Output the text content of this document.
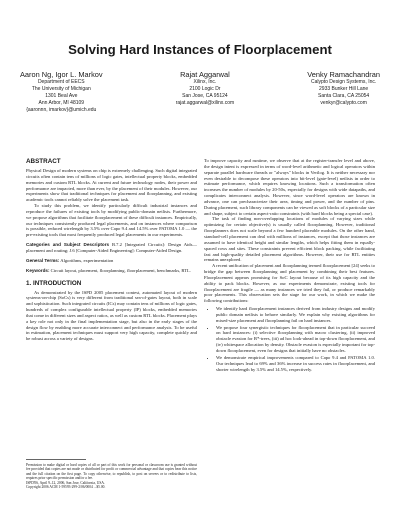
Solving Hard Instances of Floorplacement
Aaron Ng, Igor L. Markov
Department of EECS
The University of Michigan
1301 Beal Ave
Ann Arbor, MI 48109
{aaronnn, imarkov}@umich.edu
Rajat Aggarwal
Xilinx, Inc.
2100 Logic Dr
San Jose, CA 95124
rajat.aggarwal@xilinx.com
Venky Ramachandran
Calypto Design Systems, Inc.
2933 Bunker Hill Lane
Santa Clara, CA 25054
venkyr@calypto.com
ABSTRACT

Physical Design of modern systems on chip is extremely challenging. Such digital integrated circuits often contain tens of millions of logic gates, intellectual property blocks, embedded memories and custom RTL blocks. At current and future technology nodes, their power and performance are impacted, more than ever, by the placement of their modules. However, our experiments show that traditional techniques for placement and floorplanning, and existing academic tools cannot reliably solve the placement task.

To study this problem, we identify particularly difficult industrial instances and reproduce the failures of existing tools by modifying public-domain netlists. Furthermore, we propose algorithms that facilitate floorplacement of these difficult instances. Empirically, our techniques consistently produced legal placements, and on instances where comparison is possible, reduced wirelength by 3.5% over Capo 9.4 and 14.5% over PATOMA 1.0 — the pre-existing tools that most frequently produced legal placements in our experiments.

Categories and Subject Descriptors B.7.2 [Integrated Circuits]: Design Aids—placement and routing; J.6 [Computer-Aided Engineering]: Computer-Aided Design.

General Terms: Algorithms, experimentation

Keywords: Circuit layout, placement, floorplanning, floorplacement, benchmarks, RTL.

1. INTRODUCTION

As demonstrated by the ISPD 2005 placement contest, automated layout of modern systems-on-chip (SoCs) is very different from traditional sea-of-gates layout, both in scale and sophistication. Such integrated circuits (ICs) may contain tens of millions of logic gates, hundreds of complex configurable intellectual property (IP) blocks, embedded memories that come in different sizes and aspect ratios, as well as custom RTL blocks. Placement plays a key role not only in the final implementation stage, but also in the early stages of the design flow by enabling more accurate interconnect and performance analysis. To be useful in estimation, placement techniques must support very high capacity, complete quickly and be robust across a variety of designs.

Permission to make digital or hard copies of all or part of this work for personal or classroom use is granted without fee provided that copies are not made or distributed for profit or commercial advantage and that copies bear this notice and the full citation on the first page. To copy otherwise, to republish, to post on servers or to redistribute to lists, requires prior specific permission and/or a fee.

ISPD'06, April 9–12, 2006, San Jose, California, USA.

Copyright 2006 ACM 1-59593-299-2/06/0004 ...$5.00.

To improve capacity and runtime, we observe that at the register-transfer level and above, the design intent is expressed in terms of word-level arithmetic and logical operators within separate parallel hardware threads or "always" blocks in Verilog. It is neither necessary nor even desirable to decompose these operators into bit-level (gate-level) netlists in order to estimate performance, which requires knowing locations. Such a transformation often increases the number of modules by 20-50x, especially for designs with wide datapaths, and complicates interconnect analysis. However, since word-level operators are known in advance, one can precharacterize their area, timing and power, and the number of pins. During placement, such library components can be viewed as soft blocks of a particular size and shape, subject to certain aspect-ratio constraints (with hard blocks being a special case).

The task of finding non-overlapping locations of modules of varying sizes while optimizing for certain objective(s) is usually called floorplanning. However, traditional floorplanners does not scale beyond a few hundred placeable modules. On the other hand, standard-cell placement can deal with millions of instances, except that those instances are assumed to have identical height and similar lengths, which helps fitting them in equally-spaced rows and sites. These constraints prevent efficient block packing, while facilitating fast and high-quality detailed placement algorithms. However, their use for RTL entities remains unexplored.

A recent unification of placement and floorplanning termed floorplacement [24] seeks to bridge the gap between floorplanning and placement by combining their best features. Floorplacement appears promising for SoC layout because of its high capacity and the ability to pack blocks. However, as our experiments demonstrate, existing tools for floorplacement are fragile — as many instances we tried they fail, or produce remarkably poor placements. This observation sets the stage for our work, in which we make the following contributions:

• We identify hard floorplacement instances derived from industry designs and modify public domain netlists to behave similarly. We explain why existing algorithms for mixed-size placement and floorplanning fail on hard instances.
• We propose four synergistic techniques for floorplacement that in particular succeed on hard instances: (i) selective floorplanning with macro clustering, (ii) improved obstacle evasion for B*-trees, (iii) ad hoc look-ahead in top-down floorplacement, and (iv) whitespace allocation by density. Obstacle evasion is especially important for top-down floorplacement, even for designs that initially have no obstacles.
• We demonstrate empirical improvements compared to Capo 9.4 and PATOMA 1.0. Our techniques lead to 69% and 36% increase in success rates in floorplacement, and shorter wirelength by 3.5% and 14.5%, respectively.
